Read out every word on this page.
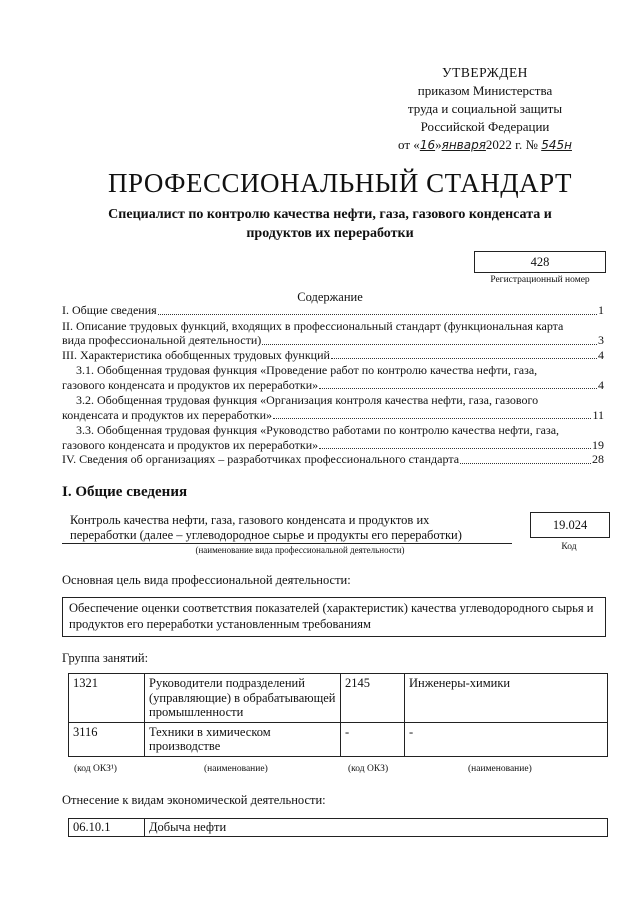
УТВЕРЖДЕН
приказом Министерства
труда и социальной защиты
Российской Федерации
от «16»января2022 г. № 545н
ПРОФЕССИОНАЛЬНЫЙ СТАНДАРТ
Специалист по контролю качества нефти, газа, газового конденсата и продуктов их переработки
428
Регистрационный номер
Содержание
I. Общие сведения	1
II. Описание трудовых функций, входящих в профессиональный стандарт (функциональная карта
вида профессиональной деятельности)	3
III. Характеристика обобщенных трудовых функций	4
3.1. Обобщенная трудовая функция «Проведение работ по контролю качества нефти, газа,
газового конденсата и продуктов их переработки»	4
3.2. Обобщенная трудовая функция «Организация контроля качества нефти, газа, газового
конденсата и продуктов их переработки»	11
3.3. Обобщенная трудовая функция «Руководство работами по контролю качества нефти, газа,
газового конденсата и продуктов их переработки»	19
IV. Сведения об организациях – разработчиках профессионального стандарта	28
I. Общие сведения
Контроль качества нефти, газа, газового конденсата и продуктов их
переработки (далее – углеводородное сырье и продукты его переработки)
(наименование вида профессиональной деятельности)
19.024
Код
Основная цель вида профессиональной деятельности:
Обеспечение оценки соответствия показателей (характеристик) качества углеводородного сырья и продуктов его переработки установленным требованиям
Группа занятий:
1321	Руководители подразделений (управляющие) в обрабатывающей промышленности	2145	Инженеры-химики
3116	Техники в химическом производстве	-	-
(код ОКЗ¹)	(наименование)	(код ОКЗ)	(наименование)
Отнесение к видам экономической деятельности:
06.10.1	Добыча нефти
